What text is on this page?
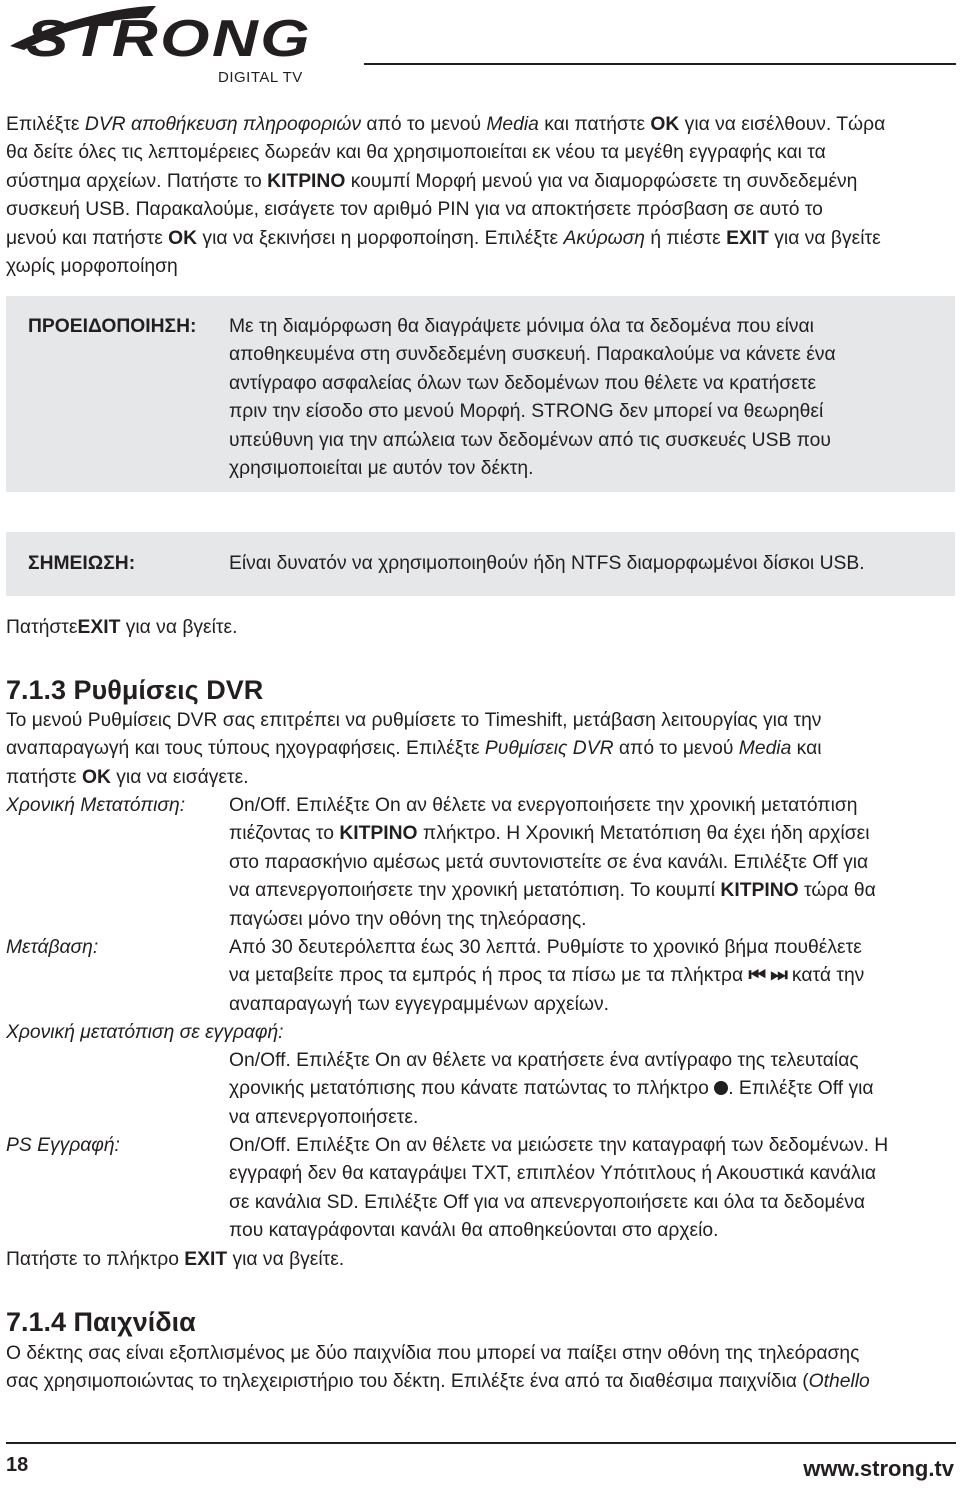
STRONG
DIGITAL TV
Επιλέξτε DVR αποθήκευση πληροφοριών από το μενού Media και πατήστε OK για να εισέλθουν. Τώρα
θα δείτε όλες τις λεπτομέρειες δωρεάν και θα χρησιμοποιείται εκ νέου τα μεγέθη εγγραφής και τα
σύστημα αρχείων. Πατήστε το ΚΙΤΡΙΝΟ κουμπί Μορφή μενού για να διαμορφώσετε τη συνδεδεμένη
συσκευή USB. Παρακαλούμε, εισάγετε τον αριθμό PIN για να αποκτήσετε πρόσβαση σε αυτό το
μενού και πατήστε OK για να ξεκινήσει η μορφοποίηση. Επιλέξτε Ακύρωση ή πιέστε EXIT για να βγείτε
χωρίς μορφοποίηση
ΠΡΟΕΙΔΟΠΟΙΗΣΗ: Με τη διαμόρφωση θα διαγράψετε μόνιμα όλα τα δεδομένα που είναι
αποθηκευμένα στη συνδεδεμένη συσκευή. Παρακαλούμε να κάνετε ένα
αντίγραφο ασφαλείας όλων των δεδομένων που θέλετε να κρατήσετε
πριν την είσοδο στο μενού Μορφή. STRONG δεν μπορεί να θεωρηθεί
υπεύθυνη για την απώλεια των δεδομένων από τις συσκευές USB που
χρησιμοποιείται με αυτόν τον δέκτη.
ΣΗΜΕΙΩΣΗ:	Είναι δυνατόν να χρησιμοποιηθούν ήδη NTFS διαμορφωμένοι δίσκοι USB.
ΠατήστεEXIT για να βγείτε.
7.1.3 Ρυθμίσεις DVR
Το μενού Ρυθμίσεις DVR σας επιτρέπει να ρυθμίσετε το Timeshift, μετάβαση λειτουργίας για την
αναπαραγωγή και τους τύπους ηχογραφήσεις. Επιλέξτε Ρυθμίσεις DVR από το μενού Media και
πατήστε OK για να εισάγετε.
Χρονική Μετατόπιση: On/Off. Επιλέξτε On αν θέλετε να ενεργοποιήσετε την χρονική μετατόπιση
πιέζοντας το ΚΙΤΡΙΝΟ πλήκτρο. Η Χρονική Μετατόπιση θα έχει ήδη αρχίσει
στο παρασκήνιο αμέσως μετά συντονιστείτε σε ένα κανάλι. Επιλέξτε Off για
να απενεργοποιήσετε την χρονική μετατόπιση. Το κουμπί ΚΙΤΡΙΝΟ τώρα θα
παγώσει μόνο την οθόνη της τηλεόρασης.
Μετάβαση:	Από 30 δευτερόλεπτα έως 30 λεπτά. Ρυθμίστε το χρονικό βήμα πουθέλετε
να μεταβείτε προς τα εμπρός ή προς τα πίσω με τα πλήκτρα ⏮ ⏭ κατά την
αναπαραγωγή των εγγεγραμμένων αρχείων.
Χρονική μετατόπιση σε εγγραφή:
On/Off. Επιλέξτε On αν θέλετε να κρατήσετε ένα αντίγραφο της τελευταίας
χρονικής μετατόπισης που κάνατε πατώντας το πλήκτρο . Επιλέξτε Off για
να απενεργοποιήσετε.
PS Εγγραφή:	On/Off. Επιλέξτε On αν θέλετε να μειώσετε την καταγραφή των δεδομένων. Η
εγγραφή δεν θα καταγράψει TXT, επιπλέον Υπότιτλους ή Ακουστικά κανάλια
σε κανάλια SD. Επιλέξτε Off για να απενεργοποιήσετε και όλα τα δεδομένα
που καταγράφονται κανάλι θα αποθηκεύονται στο αρχείο.
Πατήστε το πλήκτρο EXIT για να βγείτε.
7.1.4 Παιχνίδια
Ο δέκτης σας είναι εξοπλισμένος με δύο παιχνίδια που μπορεί να παίξει στην οθόνη της τηλεόρασης
σας χρησιμοποιώντας το τηλεχειριστήριο του δέκτη. Επιλέξτε ένα από τα διαθέσιμα παιχνίδια (Othello
18	www.strong.tv
